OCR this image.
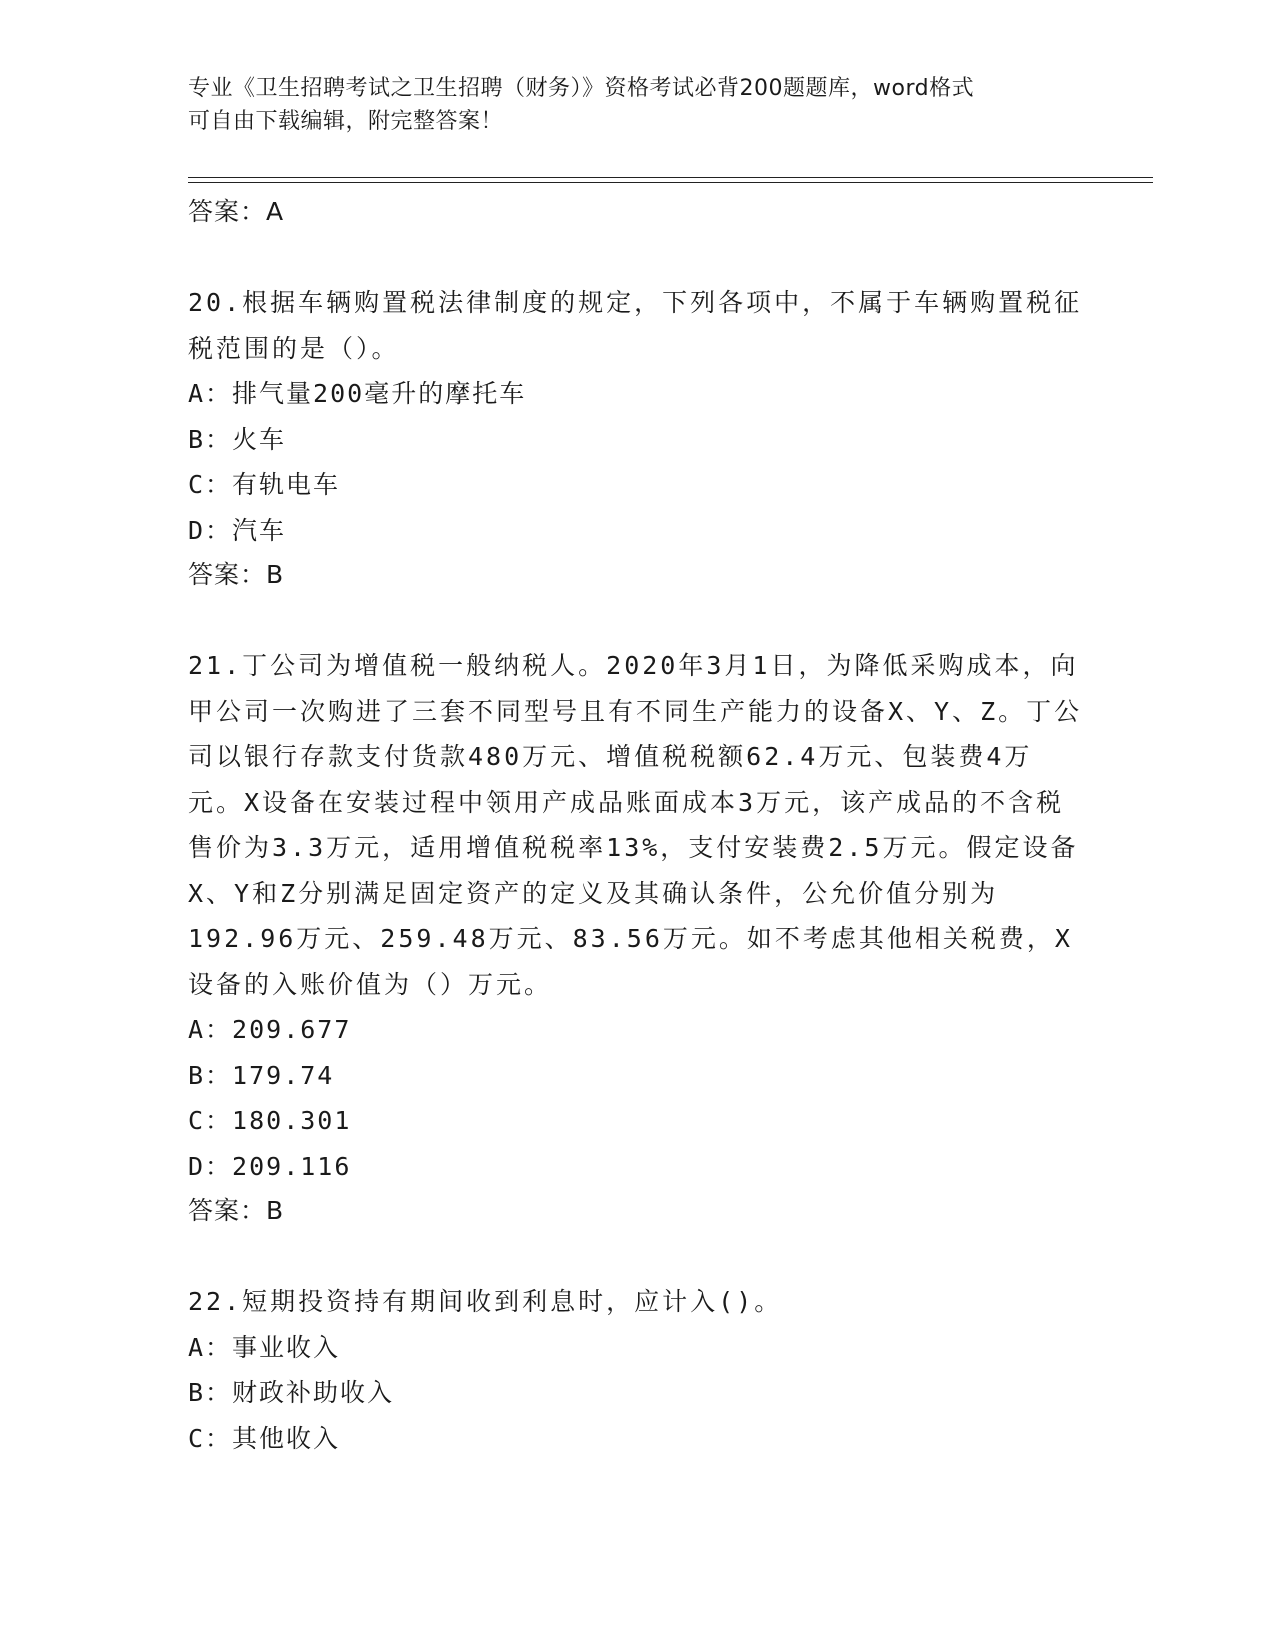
专业《卫生招聘考试之卫生招聘（财务）》资格考试必背200题题库，word格式
可自由下载编辑，附完整答案！
答案：A

20.根据车辆购置税法律制度的规定，下列各项中，不属于车辆购置税征税范围的是（）。

A：排气量200毫升的摩托车
B：火车
C：有轨电车
D：汽车
答案：B

21.丁公司为增值税一般纳税人。2020年3月1日，为降低采购成本，向甲公司一次购进了三套不同型号且有不同生产能力的设备X、Y、Z。丁公司以银行存款支付货款480万元、增值税税额62.4万元、包装费4万元。X设备在安装过程中领用产成品账面成本3万元，该产成品的不含税售价为3.3万元，适用增值税税率13%，支付安装费2.5万元。假定设备X、Y和Z分别满足固定资产的定义及其确认条件，公允价值分别为192.96万元、259.48万元、83.56万元。如不考虑其他相关税费，X设备的入账价值为（）万元。

A：209.677
B：179.74
C：180.301
D：209.116
答案：B

22.短期投资持有期间收到利息时，应计入()。

A：事业收入
B：财政补助收入
C：其他收入
